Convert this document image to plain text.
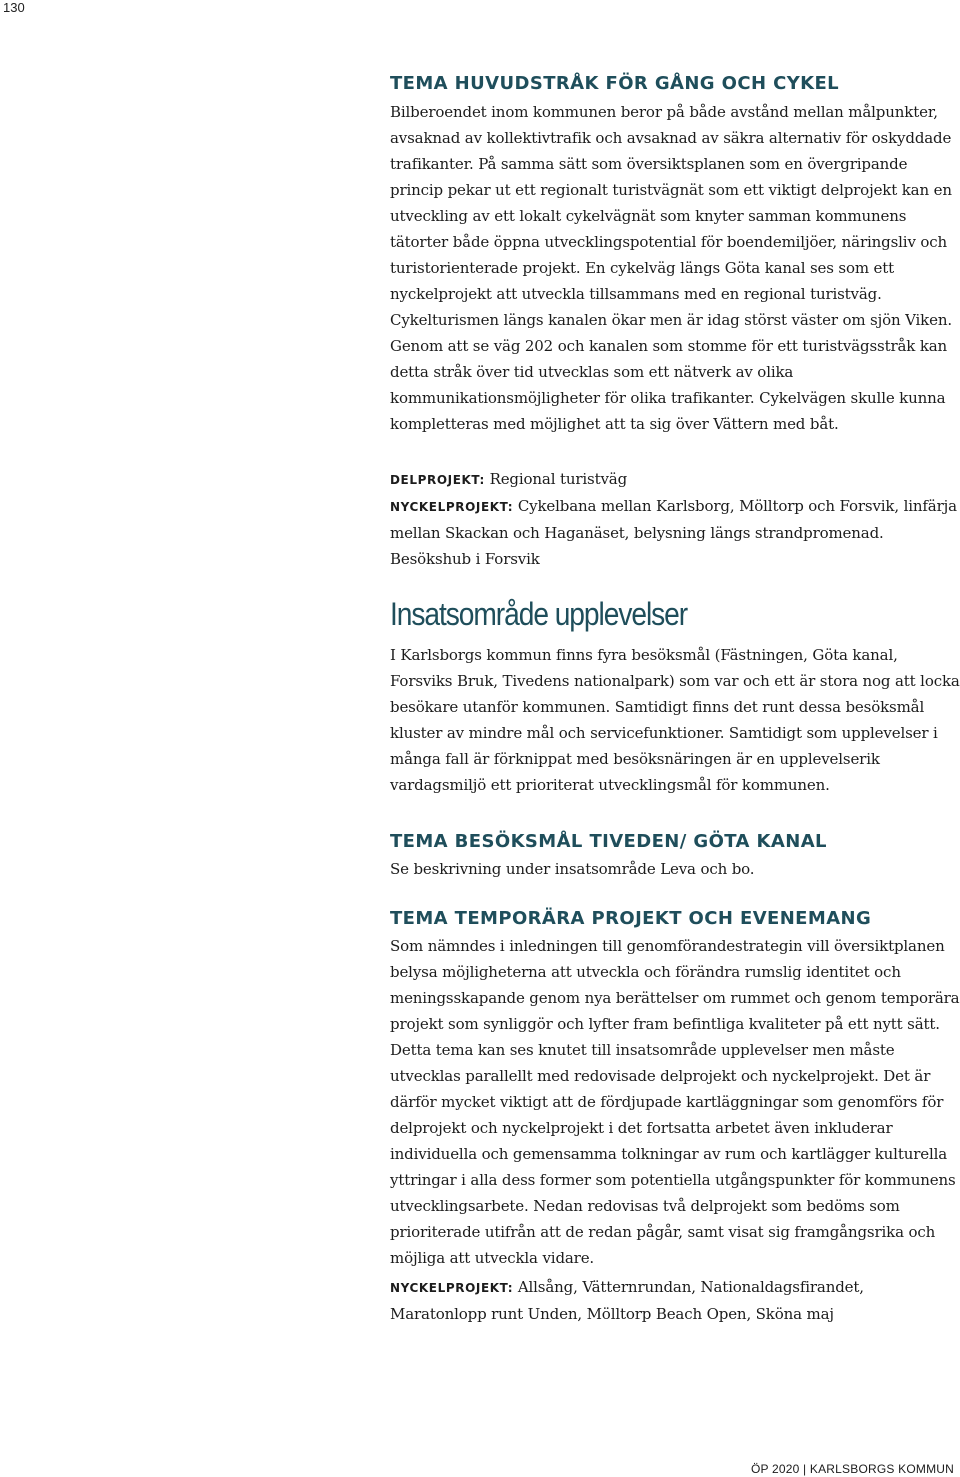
130
TEMA HUVUDSTRÅK FÖR GÅNG OCH CYKEL

Bilberoendet inom kommunen beror på både avstånd mellan målpunkter, avsaknad av kollektivtrafik och avsaknad av säkra alternativ för oskyddade trafikanter. På samma sätt som översiktsplanen som en övergripande princip pekar ut ett regionalt turistvägnät som ett viktigt delprojekt kan en utveckling av ett lokalt cykelvägnät som knyter samman kommunens tätorter både öppna utvecklingspotential för boendemiljöer, näringsliv och turistorienterade projekt. En cykelväg längs Göta kanal ses som ett nyckelprojekt att utveckla tillsammans med en regional turistväg. Cykelturismen längs kanalen ökar men är idag störst väster om sjön Viken. Genom att se väg 202 och kanalen som stomme för ett turistvägsstråk kan detta stråk över tid utvecklas som ett nätverk av olika kommunikationsmöjligheter för olika trafikanter. Cykelvägen skulle kunna kompletteras med möjlighet att ta sig över Vättern med båt.

DELPROJEKT: Regional turistväg

NYCKELPROJEKT: Cykelbana mellan Karlsborg, Mölltorp och Forsvik, linfärja mellan Skackan och Haganäset, belysning längs strandpromenad. Besökshub i Forsvik

Insatsområde upplevelser

I Karlsborgs kommun finns fyra besöksmål (Fästningen, Göta kanal, Forsviks Bruk, Tivedens nationalpark) som var och ett är stora nog att locka besökare utanför kommunen. Samtidigt finns det runt dessa besöksmål kluster av mindre mål och servicefunktioner. Samtidigt som upplevelser i många fall är förknippat med besöksnäringen är en upplevelserik vardagsmiljö ett prioriterat utvecklingsmål för kommunen.

TEMA BESÖKSMÅL TIVEDEN/ GÖTA KANAL

Se beskrivning under insatsområde Leva och bo.

TEMA TEMPORÄRA PROJEKT OCH EVENEMANG

Som nämndes i inledningen till genomförandestrategin vill översiktplanen belysa möjligheterna att utveckla och förändra rumslig identitet och meningsskapande genom nya berättelser om rummet och genom temporära projekt som synliggör och lyfter fram befintliga kvaliteter på ett nytt sätt. Detta tema kan ses knutet till insatsområde upplevelser men måste utvecklas parallellt med redovisade delprojekt och nyckelprojekt. Det är därför mycket viktigt att de fördjupade kartläggningar som genomförs för delprojekt och nyckelprojekt i det fortsatta arbetet även inkluderar individuella och gemensamma tolkningar av rum och kartlägger kulturella yttringar i alla dess former som potentiella utgångspunkter för kommunens utvecklingsarbete. Nedan redovisas två delprojekt som bedöms som prioriterade utifrån att de redan pågår, samt visat sig framgångsrika och möjliga att utveckla vidare.

NYCKELPROJEKT: Allsång, Vätternrundan, Nationaldagsfirandet, Maratonlopp runt Unden, Mölltorp Beach Open, Sköna maj

ÖP 2020 | KARLSBORGS KOMMUN
